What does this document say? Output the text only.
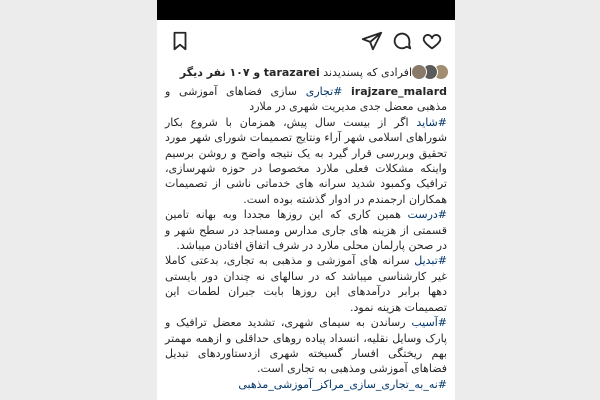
افرادی که پسندیدند tarazarei و ۱۰۷ نفر دیگر

irajzare_malard #تجاری سازی فضاهای آموزشی و مذهبی معضل جدی مدیریت شهری در ملارد

#شاید اگر از بیست سال پیش، همزمان با شروع بکار شوراهای اسلامی شهر آراء ونتایج تصمیمات شورای شهر مورد تحقیق وبررسی قرار گیرد به یک نتیجه واضح و روشن برسیم واینکه مشکلات فعلی ملارد مخصوصا در حوزه شهرسازی، ترافیک وکمبود شدید سرانه های خدماتی ناشی از تصمیمات همکاران ارجمندم در ادوار گذشته بوده است.

#درست همین کاری که این روزها مجددا وبه بهانه تامین قسمتی از هزینه های جاری مدارس ومساجد در سطح شهر و در صحن پارلمان محلی ملارد در شرف اتفاق افتادن میباشد.

#تبدیل سرانه های آموزشی و مذهبی به تجاری، بدعتی کاملا غیر کارشناسی میباشد که در سالهای نه چندان دور بایستی دهها برابر درآمدهای این روزها بابت جبران لطمات این تصمیمات هزینه نمود.

#آسیب رساندن به سیمای شهری، تشدید معضل ترافیک و پارک وسایل نقلیه، انسداد پیاده روهای حداقلی و ازهمه مهمتر بهم ریختگی افسار گسیخته شهری ازدستاوردهای تبدیل فضاهای آموزشی ومذهبی به تجاری است.

#نه_به_تجاری_سازی_مراکز_آموزشی_مذهبی
